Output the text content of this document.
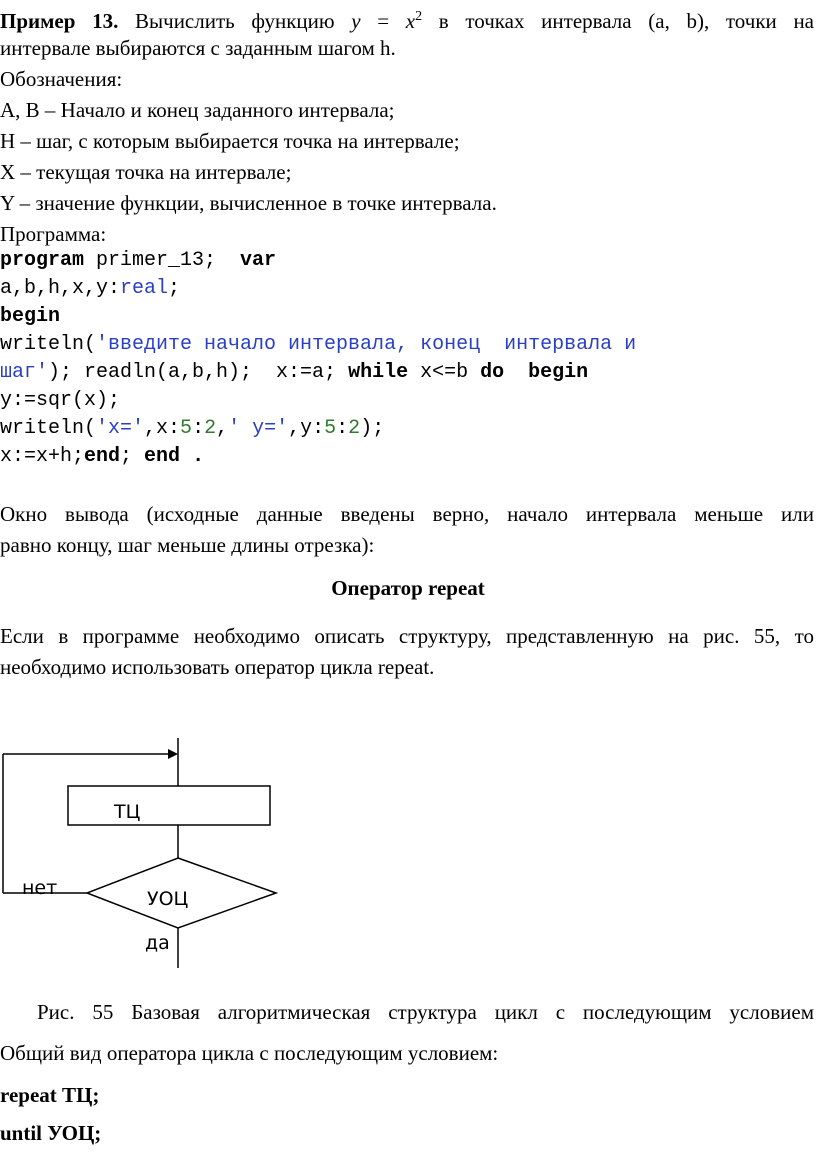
Пример 13. Вычислить функцию $y = x^2$ в точках интервала (a, b), точки на
интервале выбираются с заданным шагом h.
Обозначения:
А, В – Начало и конец заданного интервала;
Н – шаг, с которым выбирается точка на интервале;
Х – текущая точка на интервале;
Y – значение функции, вычисленное в точке интервала.
Программа:
program primer_13;  var
a,b,h,x,y:real;
begin
writeln('введите начало интервала, конец  интервала и
шаг'); readln(a,b,h);  x:=a; while x<=b do begin
y:=sqr(x);
writeln('x=',x:5:2,' y=',y:5:2);
x:=x+h;end; end .
Окно вывода (исходные данные введены верно, начало интервала меньше или
равно концу, шаг меньше длины отрезка):
Оператор repeat
Если в программе необходимо описать структуру, представленную на рис. 55, то
необходимо использовать оператор цикла repeat.
ТЦ
УОЦ
нет
да
Рис. 55 Базовая алгоритмическая структура цикл с последующим условием
Общий вид оператора цикла с последующим условием:
repeat ТЦ;
until УОЦ;
